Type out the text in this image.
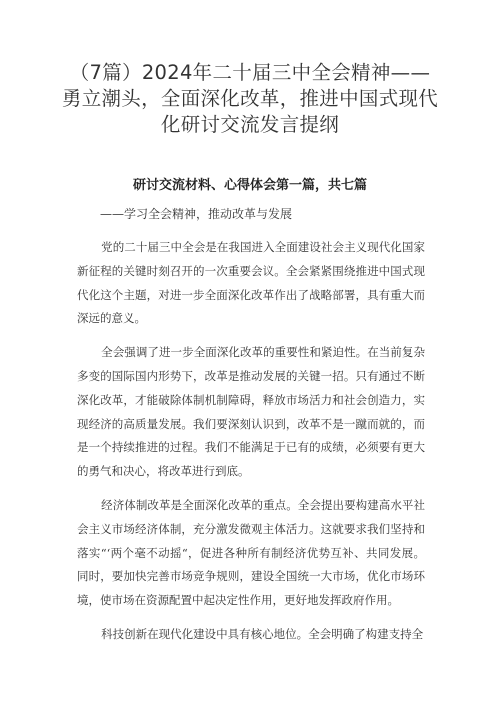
（7篇）2024年二十届三中全会精神——勇立潮头，全面深化改革，推进中国式现代化研讨交流发言提纲
研讨交流材料、心得体会第一篇，共七篇
——学习全会精神，推动改革与发展

党的二十届三中全会是在我国进入全面建设社会主义现代化国家新征程的关键时刻召开的一次重要会议。全会紧紧围绕推进中国式现代化这个主题，对进一步全面深化改革作出了战略部署，具有重大而深远的意义。

全会强调了进一步全面深化改革的重要性和紧迫性。在当前复杂多变的国际国内形势下，改革是推动发展的关键一招。只有通过不断深化改革，才能破除体制机制障碍，释放市场活力和社会创造力，实现经济的高质量发展。我们要深刻认识到，改革不是一蹴而就的，而是一个持续推进的过程。我们不能满足于已有的成绩，必须要有更大的勇气和决心，将改革进行到底。

经济体制改革是全面深化改革的重点。全会提出要构建高水平社会主义市场经济体制，充分激发微观主体活力。这就要求我们坚持和落实“‘两个毫不动摇“，促进各种所有制经济优势互补、共同发展。同时，要加快完善市场竞争规则，建设全国统一大市场，优化市场环境，使市场在资源配置中起决定性作用，更好地发挥政府作用。

科技创新在现代化建设中具有核心地位。全会明确了构建支持全
